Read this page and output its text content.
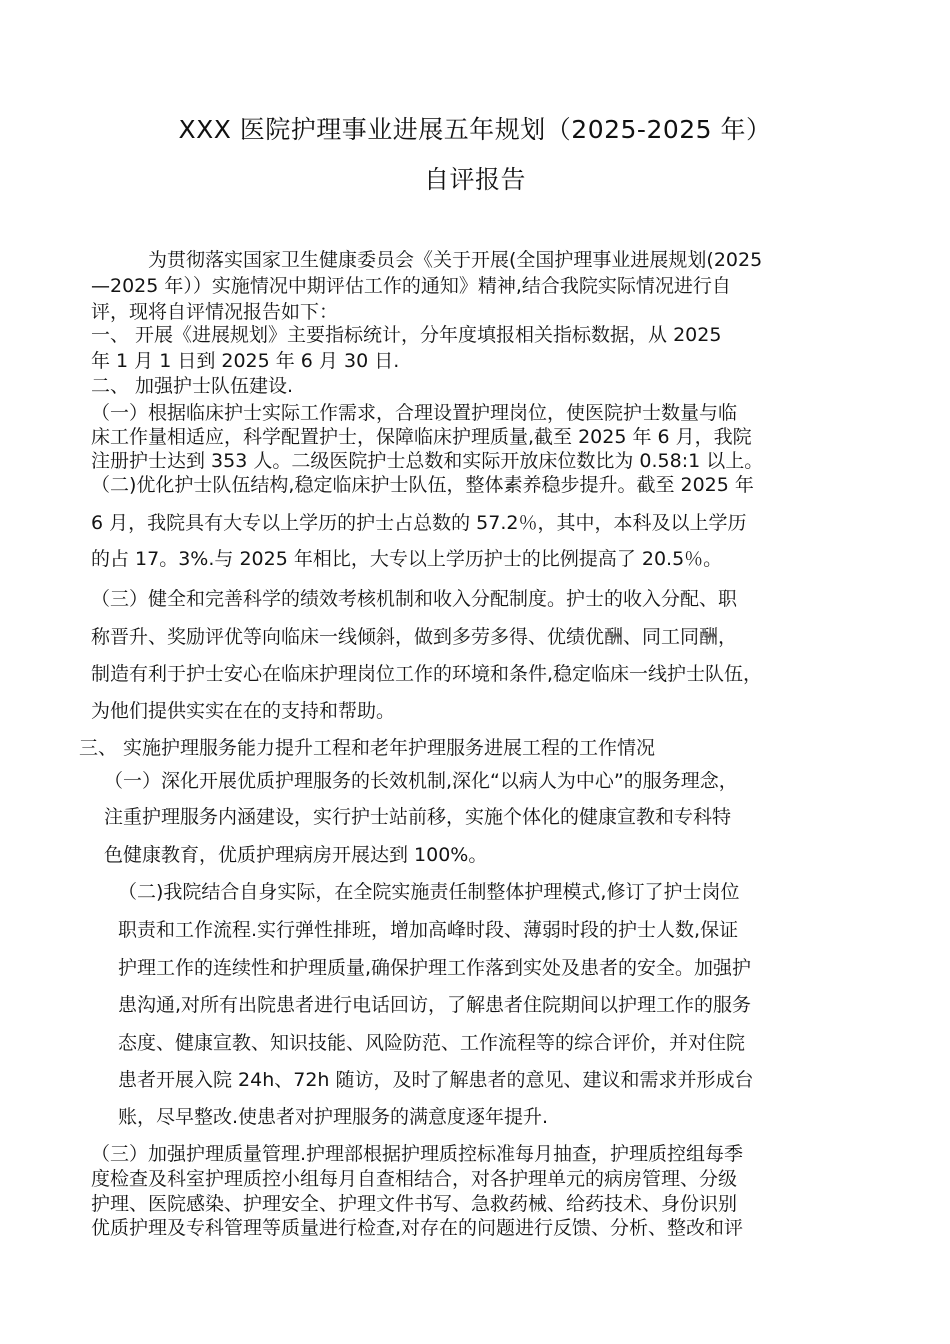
XXX 医院护理事业进展五年规划（2025-2025 年）
自评报告
为贯彻落实国家卫生健康委员会《关于开展(全国护理事业进展规划(2025
—2025 年））实施情况中期评估工作的通知》精神,结合我院实际情况进行自
评，现将自评情况报告如下：
一、 开展《进展规划》主要指标统计，分年度填报相关指标数据，从 2025
年 1 月 1 日到 2025 年 6 月 30 日.
二、 加强护士队伍建设.
（一）根据临床护士实际工作需求，合理设置护理岗位，使医院护士数量与临
床工作量相适应，科学配置护士，保障临床护理质量,截至 2025 年 6 月，我院
注册护士达到 353 人。二级医院护士总数和实际开放床位数比为 0.58:1 以上。
（二)优化护士队伍结构,稳定临床护士队伍，整体素养稳步提升。截至 2025 年
6 月，我院具有大专以上学历的护士占总数的 57.2％，其中，本科及以上学历
的占 17。3%.与 2025 年相比，大专以上学历护士的比例提高了 20.5％。
（三）健全和完善科学的绩效考核机制和收入分配制度。护士的收入分配、职
称晋升、奖励评优等向临床一线倾斜，做到多劳多得、优绩优酬、同工同酬，
制造有利于护士安心在临床护理岗位工作的环境和条件,稳定临床一线护士队伍，
为他们提供实实在在的支持和帮助。
三、 实施护理服务能力提升工程和老年护理服务进展工程的工作情况
（一）深化开展优质护理服务的长效机制,深化“以病人为中心”的服务理念，
注重护理服务内涵建设，实行护士站前移，实施个体化的健康宣教和专科特
色健康教育，优质护理病房开展达到 100%。
（二)我院结合自身实际，在全院实施责任制整体护理模式,修订了护士岗位
职责和工作流程.实行弹性排班，增加高峰时段、薄弱时段的护士人数,保证
护理工作的连续性和护理质量,确保护理工作落到实处及患者的安全。加强护
患沟通,对所有出院患者进行电话回访，了解患者住院期间以护理工作的服务
态度、健康宣教、知识技能、风险防范、工作流程等的综合评价，并对住院
患者开展入院 24h、72h 随访，及时了解患者的意见、建议和需求并形成台
账，尽早整改.使患者对护理服务的满意度逐年提升.
（三）加强护理质量管理.护理部根据护理质控标准每月抽查，护理质控组每季
度检查及科室护理质控小组每月自查相结合，对各护理单元的病房管理、分级
护理、医院感染、护理安全、护理文件书写、急救药械、给药技术、身份识别
优质护理及专科管理等质量进行检查,对存在的问题进行反馈、分析、整改和评
